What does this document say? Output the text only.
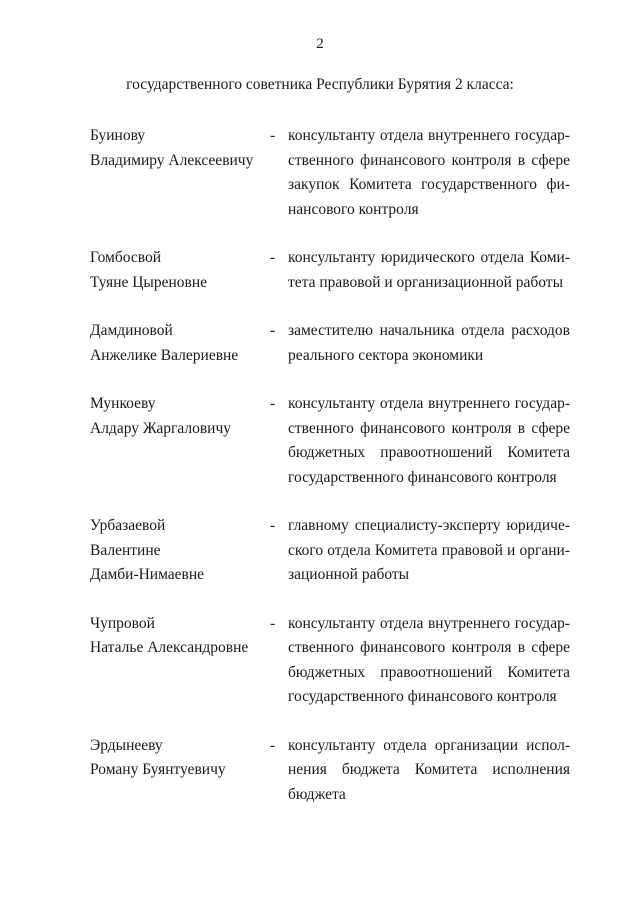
2
государственного советника Республики Бурятия 2 класса:
Буинову
Владимиру Алексеевичу
- консультанту отдела внутреннего государ-
ственного финансового контроля в сфере
закупок Комитета государственного фи-
нансового контроля
Гомбосвой
Туяне Цыреновне
- консультанту юридического отдела Коми-
тета правовой и организационной работы
Дамдиновой
Анжелике Валериевне
- заместителю начальника отдела расходов
реального сектора экономики
Мункоеву
Алдару Жаргаловичу
- консультанту отдела внутреннего государ-
ственного финансового контроля в сфере
бюджетных правоотношений Комитета
государственного финансового контроля
Урбазаевой
Валентине
Дамби-Нимаевне
- главному специалисту-эксперту юридиче-
ского отдела Комитета правовой и органи-
зационной работы
Чупровой
Наталье Александровне
- консультанту отдела внутреннего государ-
ственного финансового контроля в сфере
бюджетных правоотношений Комитета
государственного финансового контроля
Эрдынееву
Роману Буянтуевичу
- консультанту отдела организации испол-
нения бюджета Комитета исполнения
бюджета
